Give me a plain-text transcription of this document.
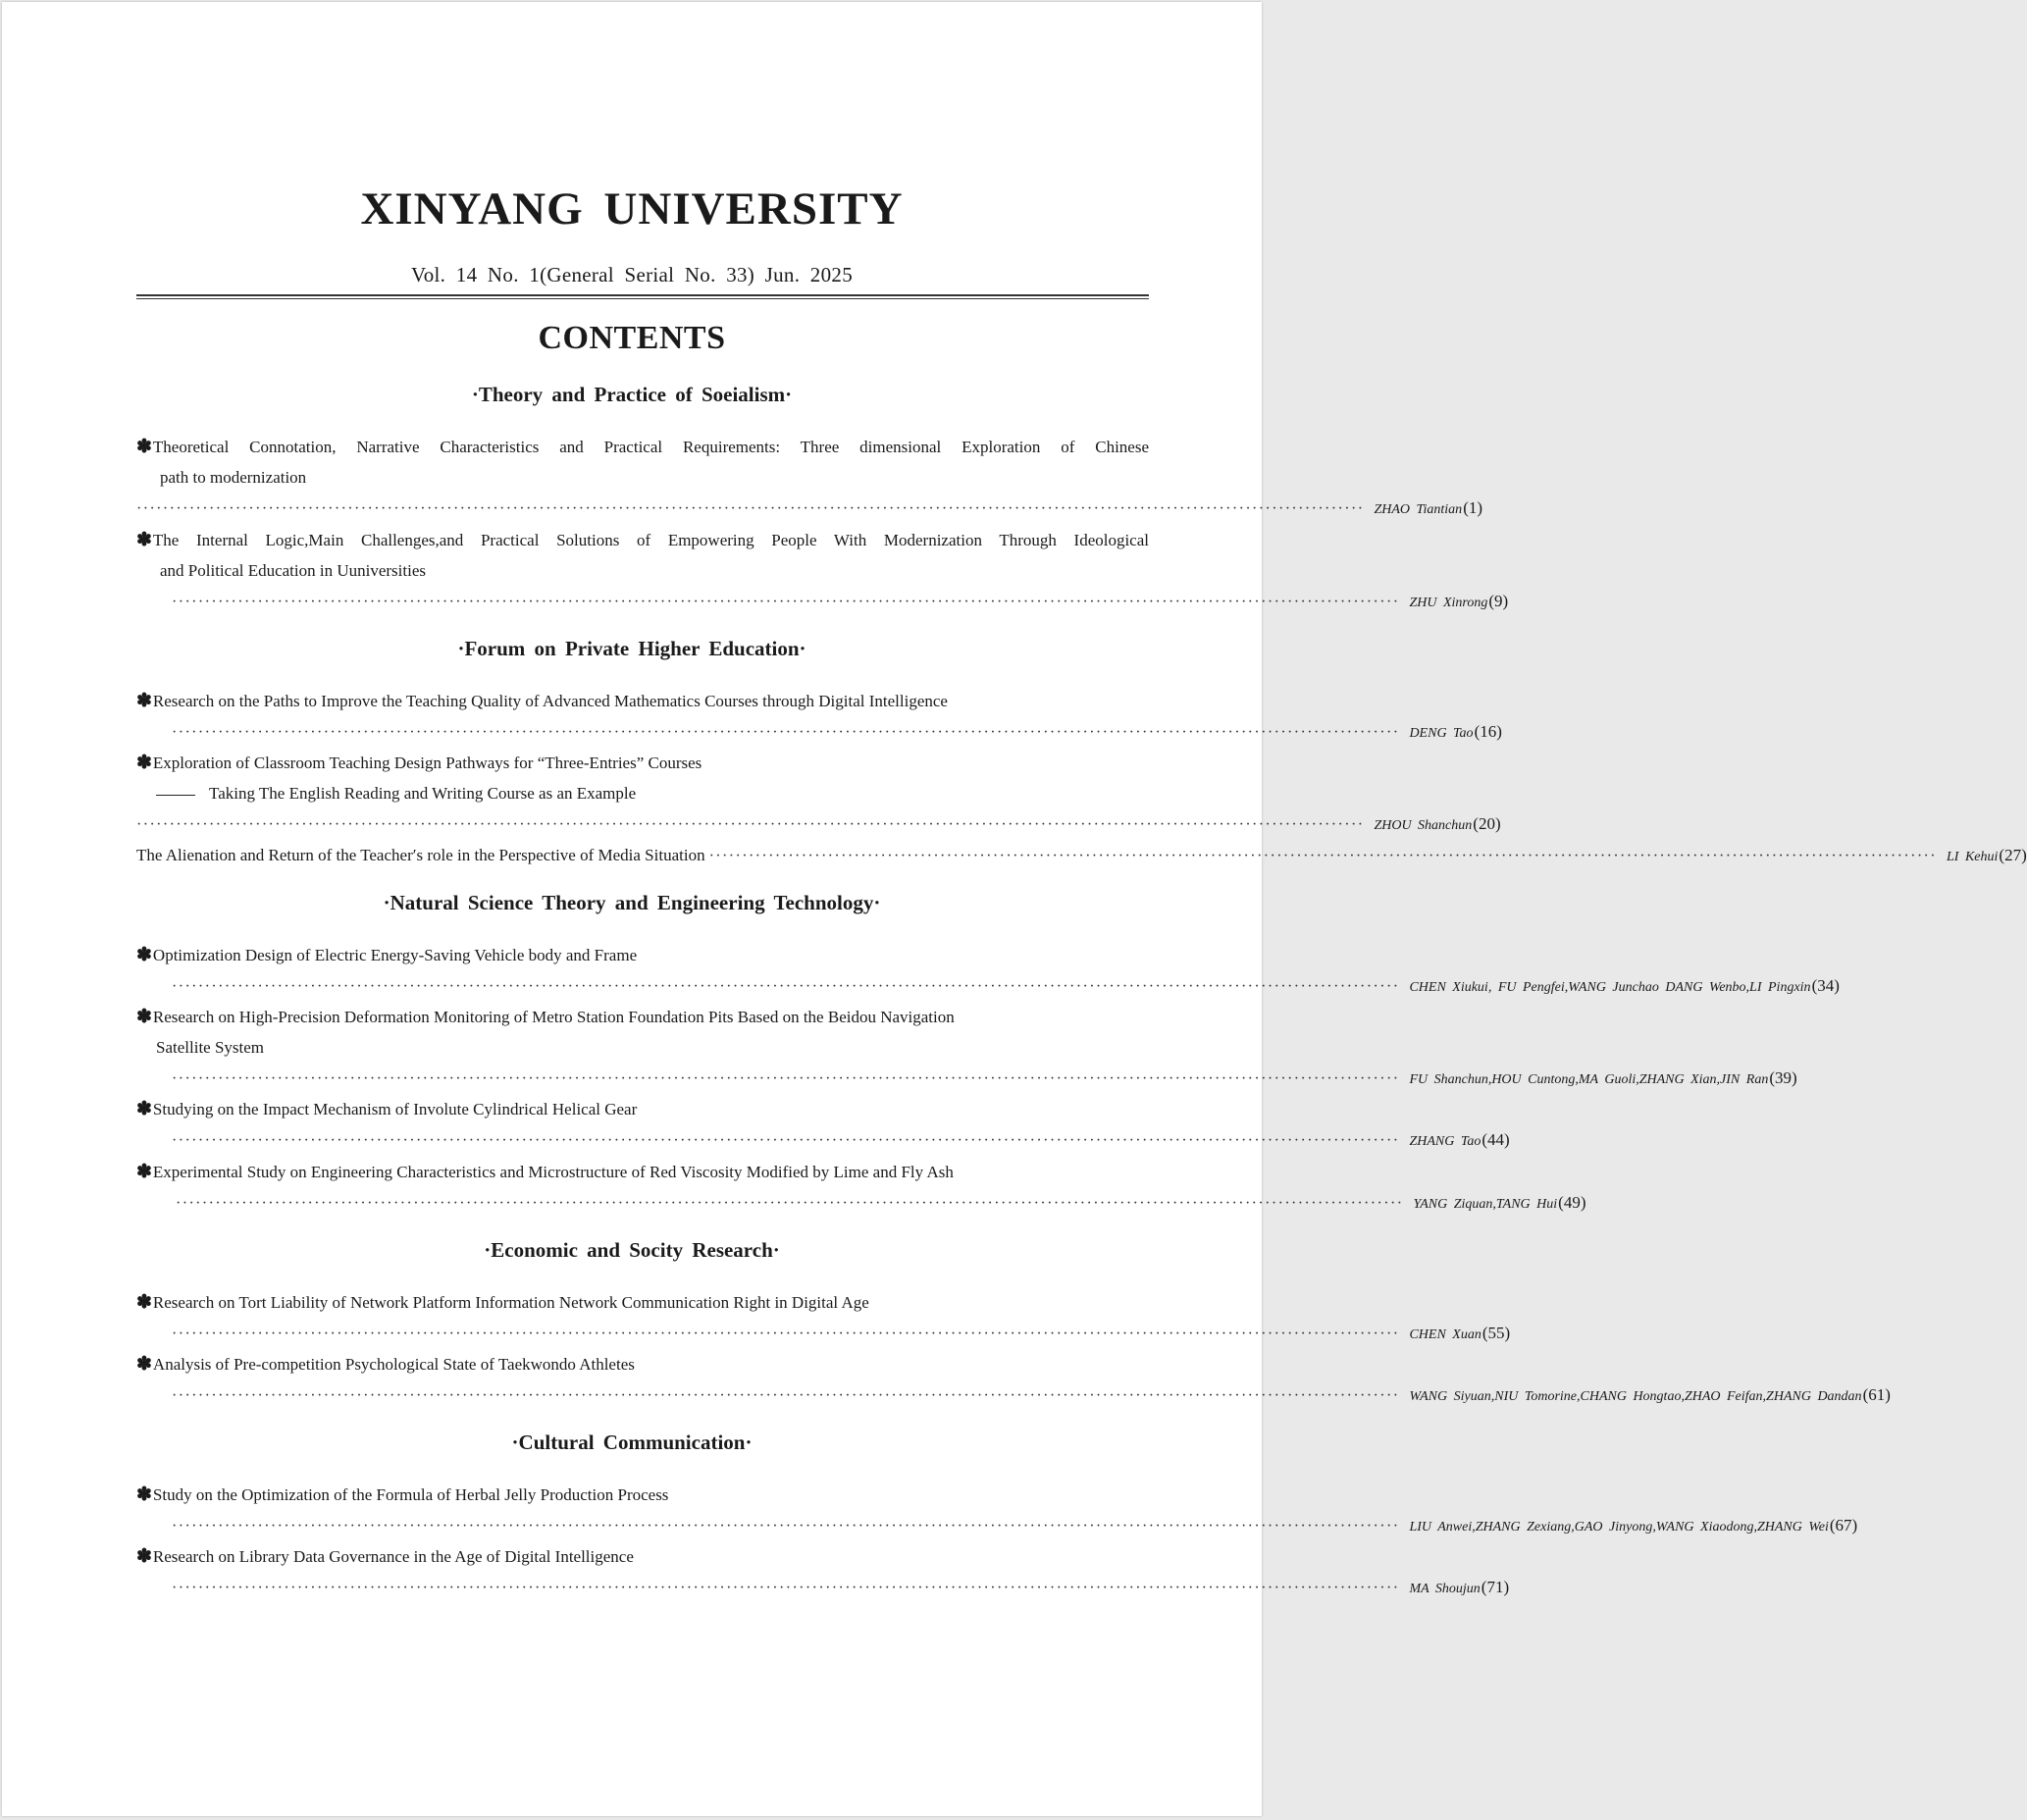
XINYANG UNIVERSITY
Vol. 14 No. 1(General Serial No. 33) Jun. 2025
CONTENTS
·Theory and Practice of Soeialism·
✽Theoretical Connotation, Narrative Characteristics and Practical Requirements: Three dimensional Exploration of Chinese
path to modernization
·························································································································································································· ZHAO Tiantian (1)
✽The Internal Logic,Main Challenges,and Practical Solutions of Empowering People With Modernization Through Ideological
and Political Education in Uuniversities
·························································································································································································· ZHU Xinrong (9)
·Forum on Private Higher Education·
✽Research on the Paths to Improve the Teaching Quality of Advanced Mathematics Courses through Digital Intelligence
·························································································································································································· DENG Tao (16)
✽Exploration of Classroom Teaching Design Pathways for “Three-Entries” Courses
Taking The English Reading and Writing Course as an Example
·························································································································································································· ZHOU Shanchun (20)
The Alienation and Return of the Teacher′s role in the Perspective of Media Situation ·························································································································································································· LI Kehui (27)
·Natural Science Theory and Engineering Technology·
✽Optimization Design of Electric Energy-Saving Vehicle body and Frame
·························································································································································································· CHEN Xiukui, FU Pengfei,WANG Junchao DANG Wenbo,LI Pingxin (34)
✽Research on High-Precision Deformation Monitoring of Metro Station Foundation Pits Based on the Beidou Navigation
Satellite System
·························································································································································································· FU Shanchun,HOU Cuntong,MA Guoli,ZHANG Xian,JIN Ran (39)
✽Studying on the Impact Mechanism of Involute Cylindrical Helical Gear
·························································································································································································· ZHANG Tao (44)
✽Experimental Study on Engineering Characteristics and Microstructure of Red Viscosity Modified by Lime and Fly Ash
·························································································································································································· YANG Ziquan,TANG Hui (49)
·Economic and Socity Research·
✽Research on Tort Liability of Network Platform Information Network Communication Right in Digital Age
·························································································································································································· CHEN Xuan (55)
✽Analysis of Pre-competition Psychological State of Taekwondo Athletes
·························································································································································································· WANG Siyuan,NIU Tomorine,CHANG Hongtao,ZHAO Feifan,ZHANG Dandan (61)
·Cultural Communication·
✽Study on the Optimization of the Formula of Herbal Jelly Production Process
·························································································································································································· LIU Anwei,ZHANG Zexiang,GAO Jinyong,WANG Xiaodong,ZHANG Wei (67)
✽Research on Library Data Governance in the Age of Digital Intelligence
·························································································································································································· MA Shoujun (71)
